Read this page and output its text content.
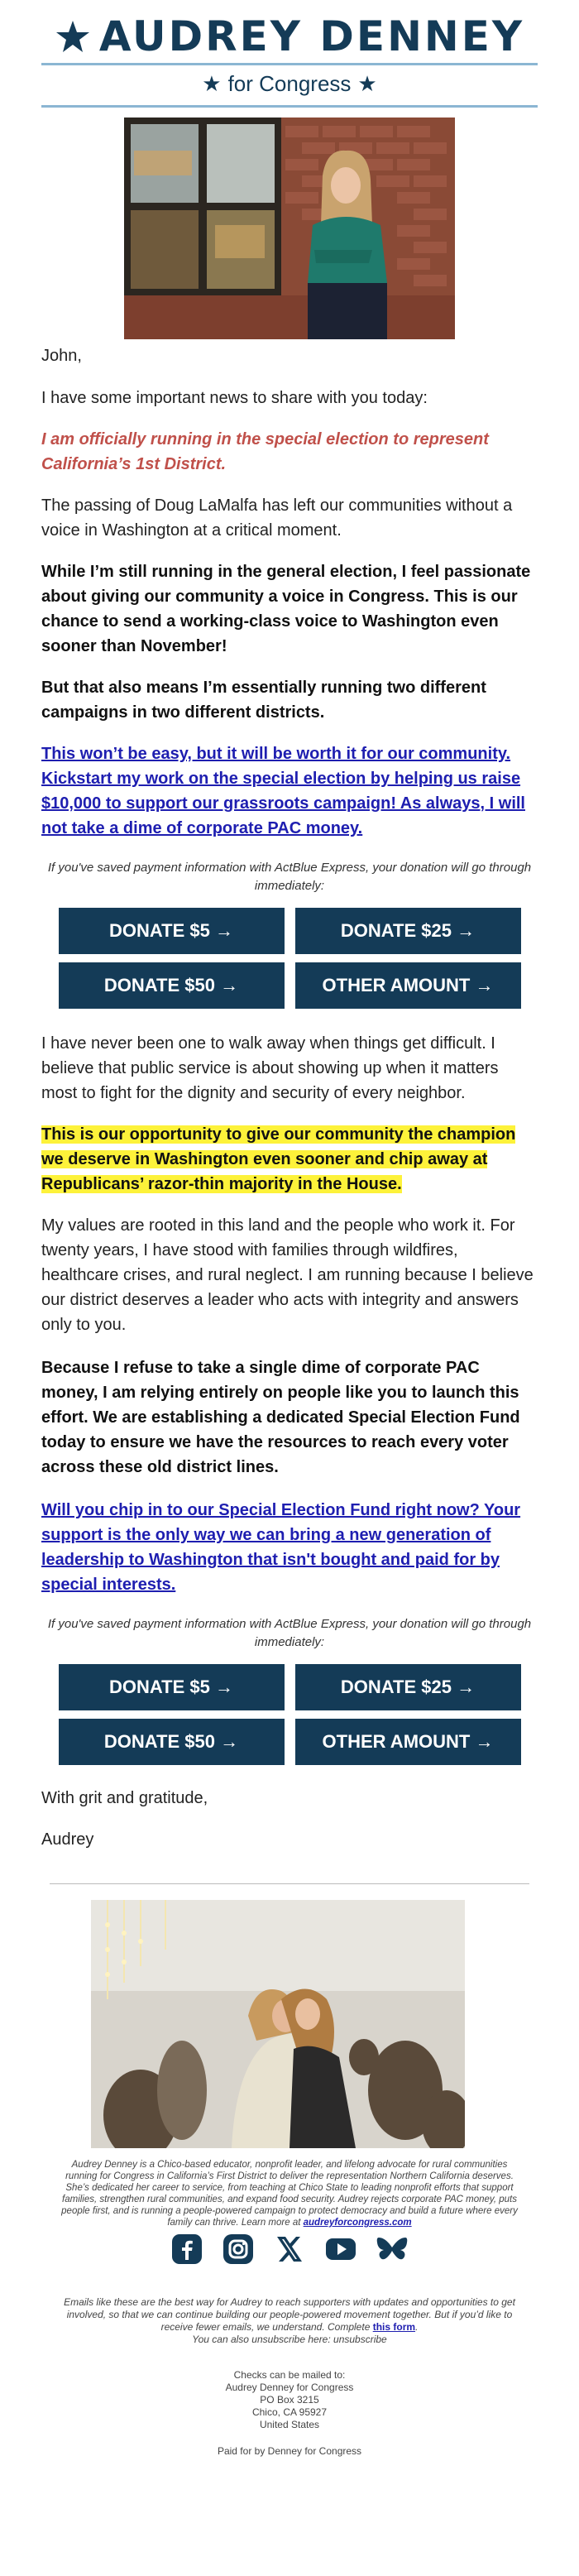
AUDREY DENNEY
★ for Congress ★

John,

I have some important news to share with you today:

I am officially running in the special election to represent California’s 1st District.

The passing of Doug LaMalfa has left our communities without a voice in Washington at a critical moment.

While I’m still running in the general election, I feel passionate about giving our community a voice in Congress. This is our chance to send a working-class voice to Washington even sooner than November!

But that also means I’m essentially running two different campaigns in two different districts.

This won’t be easy, but it will be worth it for our community. Kickstart my work on the special election by helping us raise $10,000 to support our grassroots campaign! As always, I will not take a dime of corporate PAC money.

If you've saved payment information with ActBlue Express, your donation will go through immediately:

DONATE $5 →	DONATE $25 →
DONATE $50 →	OTHER AMOUNT →

I have never been one to walk away when things get difficult. I believe that public service is about showing up when it matters most to fight for the dignity and security of every neighbor.

This is our opportunity to give our community the champion we deserve in Washington even sooner and chip away at Republicans’ razor-thin majority in the House.

My values are rooted in this land and the people who work it. For twenty years, I have stood with families through wildfires, healthcare crises, and rural neglect. I am running because I believe our district deserves a leader who acts with integrity and answers only to you.

Because I refuse to take a single dime of corporate PAC money, I am relying entirely on people like you to launch this effort. We are establishing a dedicated Special Election Fund today to ensure we have the resources to reach every voter across these old district lines.

Will you chip in to our Special Election Fund right now? Your support is the only way we can bring a new generation of leadership to Washington that isn't bought and paid for by special interests.

If you've saved payment information with ActBlue Express, your donation will go through immediately:

DONATE $5 →	DONATE $25 →
DONATE $50 →	OTHER AMOUNT →

With grit and gratitude,

Audrey

Audrey Denney is a Chico-based educator, nonprofit leader, and lifelong advocate for rural communities running for Congress in California’s First District to deliver the representation Northern California deserves. She’s dedicated her career to service, from teaching at Chico State to leading nonprofit efforts that support families, strengthen rural communities, and expand food security. Audrey rejects corporate PAC money, puts people first, and is running a people-powered campaign to protect democracy and build a future where every family can thrive. Learn more at audreyforcongress.com
Emails like these are the best way for Audrey to reach supporters with updates and opportunities to get involved, so that we can continue building our people-powered movement together. But if you’d like to receive fewer emails, we understand. Complete this form.
You can also unsubscribe here: unsubscribe
Checks can be mailed to:
Audrey Denney for Congress
PO Box 3215
Chico, CA 95927
United States
Paid for by Denney for Congress
